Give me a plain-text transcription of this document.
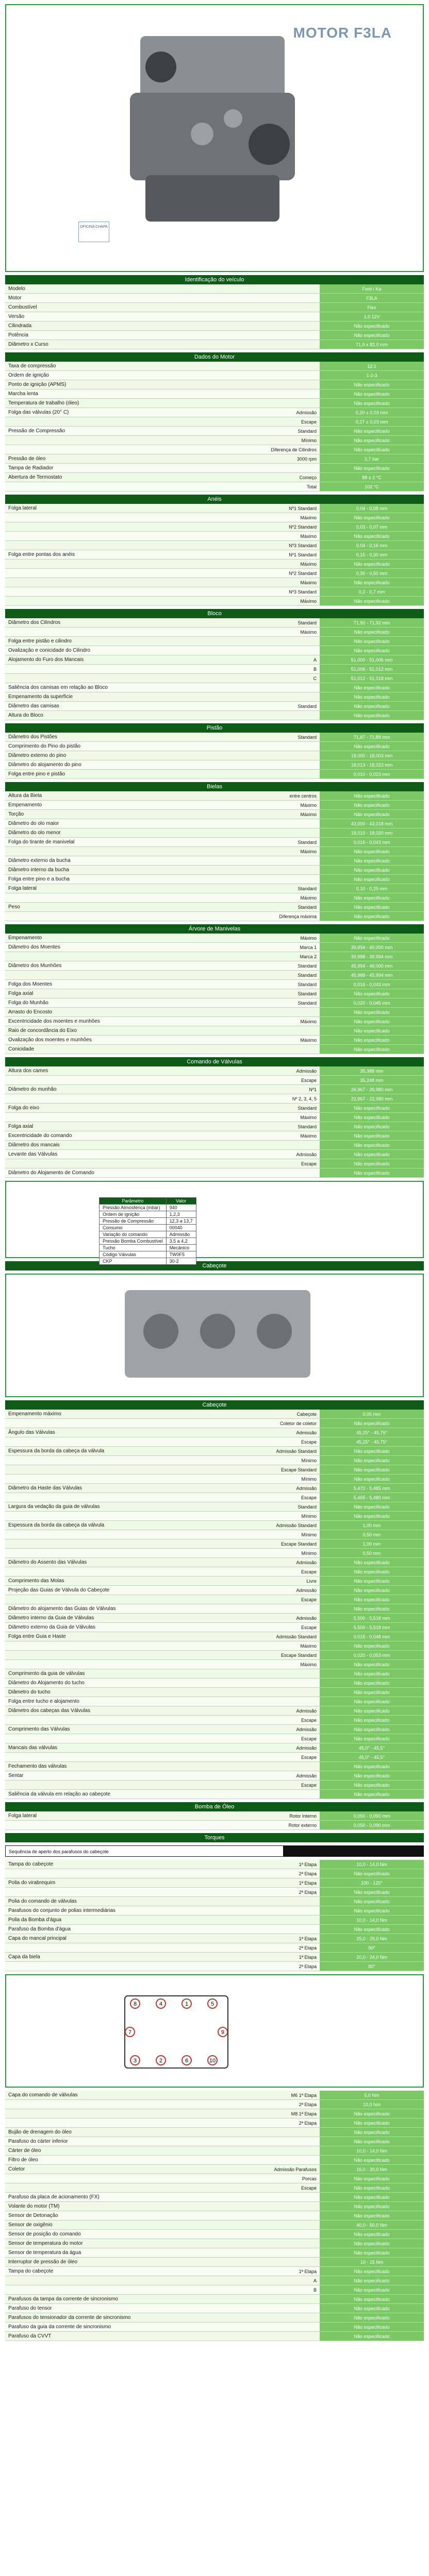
MOTOR F3LA
OFICINA CHAPA
Identificação do veículo
Modelo	Ford / Ka
Motor	F3LA
Combustível	Flex
Versão	1.0 12V
Cilindrada	Não especificado
Potência	Não especificado
Diâmetro x Curso	71,9 x 82,0 mm
Dados do Motor
Taxa de compressão	12:1
Ordem de ignição	1-2-3
Ponto de ignição (APMS)	Não especificado
Marcha lenta	Não especificado
Temperatura de trabalho (óleo)	Não especificado
Folga das válvulas (20° C)	Admissão	0,20 ± 0,03 mm
Escape	0,27 ± 0,03 mm
Pressão de Compressão	Standard	Não especificado
Mínimo	Não especificado
Diferença de Cilindros	Não especificado
Pressão de óleo	3000 rpm	2,7 bar
Tampa de Radiador	Não especificado
Abertura de Termostato	Começo	88 ± 2 °C
Total	102 °C
Anéis
Folga lateral	Nº1 Standard	0,04 - 0,08 mm
Máximo	Não especificado
Nº2 Standard	0,03 - 0,07 mm
Máximo	Não especificado
Nº3 Standard	0,04 - 0,16 mm
Folga entre pontas dos anéis	Nº1 Standard	0,15 - 0,30 mm
Máximo	Não especificado
Nº2 Standard	0,30 - 0,50 mm
Máximo	Não especificado
Nº3 Standard	0,2 - 0,7 mm
Máximo	Não especificado
Bloco
Diâmetro dos Cilindros	Standard	71,90 - 71,92 mm
Máximo	Não especificado
Folga entre pistão e cilindro	Não especificado
Ovalização e conicidade do Cilindro	Não especificado
Alojamento do Furo dos Mancais	A	51,000 - 51,006 mm
B	51,006 - 51,012 mm
C	51,012 - 51,018 mm
Saliência dos camisas em relação ao Bloco	Não especificado
Empenamento da superfície	Não especificado
Diâmetro das camisas	Standard	Não especificado
Altura do Bloco	Não especificado
Pistão
Diâmetro dos Pistões	Standard	71,87 - 71,89 mm
Comprimento do Pino do pistão	Não especificado
Diâmetro externo do pino	18,000 - 18,003 mm
Diâmetro do alojamento do pino	18,013 - 18,023 mm
Folga entre pino e pistão	0,010 - 0,023 mm
Bielas
Altura da Biela	entre centros	Não especificado
Empenamento	Máximo	Não especificado
Torção	Máximo	Não especificado
Diâmetro do olo maior	43,000 - 43,018 mm
Diâmetro do olo menor	18,010 - 18,020 mm
Folga do tirante de manivelal	Standard	0,016 - 0,043 mm
Máximo	Não especificado
Diâmetro externo da bucha	Não especificado
Diâmetro interno da bucha	Não especificado
Folga entre pino e a bucha	Não especificado
Folga lateral	Standard	0,10 - 0,25 mm
Máximo	Não especificado
Peso	Standard	Não especificado
Diferença máxima	Não especificado
Árvore de Manivelas
Empenamento	Máximo	Não especificado
Diâmetro dos Moentes	Marca 1	39,994 - 40,000 mm
Marca 2	39,988 - 39,994 mm
Diâmetro dos Munhões	Standard	45,994 - 46,000 mm
Standard	45,988 - 45,994 mm
Folga dos Moentes	Standard	0,016 - 0,043 mm
Folga axial	Standard	Não especificado
Folga do Munhão	Standard	0,020 - 0,045 mm
Arrasto do Encosto	Não especificado
Excentricidade dos moentes e munhões	Máximo	Não especificado
Raio de concordância do Eixo	Não especificado
Ovalização dos moentes e munhões	Máximo	Não especificado
Conicidade	Não especificado
Comando de Válvulas
Altura dos cames	Admissão	35,388 mm
Escape	35,248 mm
Diâmetro do munhão	Nº1	26,967 - 26,980 mm
Nº 2, 3, 4, 5	22,967 - 22,980 mm
Folga do eixo	Standard	Não especificado
Máximo	Não especificado
Folga axial	Standard	Não especificado
Excentricidade do comando	Máximo	Não especificado
Diâmetro dos mancais	Não especificado
Levante das Válvulas	Admissão	Não especificado
Escape	Não especificado
Diâmetro do Alojamento de Comando	Não especificado
Parâmetro	Valor
Pressão Atmosférica (mbar)	940
Ordem de ignição	1,2,3
Pressão de Compressão	12,3 a 13,7
Consumo	00040
Variação do comando	Admissão
Pressão Bomba Combustível	3,5 a 4,2
Tucho	Mecânico
Código Válvulas	TW0F5
CKP	30-2
Cabeçote
Cabeçote
Empenamento máximo	Cabeçote	0,05 mm
Coletor de coletor	Não especificado
Ângulo das Válvulas	Admissão	45,25° - 45,75°
Escape	45,25° - 45,75°
Espessura da borda da cabeça da válvula	Admissão Standard	Não especificado
Mínimo	Não especificado
Escape Standard	Não especificado
Mínimo	Não especificado
Diâmetro da Haste das Válvulas	Admissão	5,470 - 5,485 mm
Escape	5,465 - 5,480 mm
Largura da vedação da guia de válvulas	Standard	Não especificado
Mínimo	Não especificado
Espessura da borda da cabeça da válvula	Admissão Standard	1,00 mm
Mínimo	0,50 mm
Escape Standard	1,00 mm
Mínimo	0,50 mm
Diâmetro do Assento das Válvulas	Admissão	Não especificado
Escape	Não especificado
Comprimento das Molas	Livre	Não especificado
Projeção das Guias de Válvula do Cabeçote	Admissão	Não especificado
Escape	Não especificado
Diâmetro do alojamento das Guias de Válvulas	Não especificado
Diâmetro interno da Guia de Válvulas	Admissão	5,500 - 5,518 mm
Diâmetro externo da Guia de Válvulas	Escape	5,500 - 5,518 mm
Folga entre Guia e Haste	Admissão Standard	0,015 - 0,048 mm
Máximo	Não especificado
Escape Standard	0,020 - 0,053 mm
Máximo	Não especificado
Comprimento da guia de válvulas	Não especificado
Diâmetro do Alojamento do tucho	Não especificado
Diâmetro do tucho	Não especificado
Folga entre tucho e alojamento	Não especificado
Diâmetro dos cabeças das Válvulas	Admissão	Não especificado
Escape	Não especificado
Comprimento das Válvulas	Admissão	Não especificado
Escape	Não especificado
Mancais das válvulas	Admissão	45,0° - 45,5°
Escape	45,0° - 45,5°
Fechamento das válvulas	Não especificado
Sentar	Admissão	Não especificado
Escape	Não especificado
Saliência da válvula em relação ao cabeçote	Não especificado
Bomba de Óleo
Folga lateral	Rotor Interno	0,050 - 0,090 mm
Rotor externo	0,050 - 0,090 mm
Torques
Sequência de aperto dos parafusos do cabeçote
Tampa do cabeçote	1ª Etapa	10,0 - 14,0 Nm
2ª Etapa	Não especificado
Polia do virabrequim	1ª Etapa	100 - 120°
2ª Etapa	Não especificado
Polia do comando de válvulas	Não especificado
Parafusos do conjunto de polias intermediárias	Não especificado
Polia da Bomba d'água	10,0 - 14,0 Nm
Parafuso da Bomba d'água	Não especificado
Capa do mancal principal	1ª Etapa	25,0 - 29,0 Nm
2ª Etapa	90°
Capa da biela	1ª Etapa	20,0 - 24,0 Nm
2ª Etapa	90°
8	4	1	5
9
10
6
2
3
7
Capa do comando de válvulas	M6 1ª Etapa	5,0 Nm
2ª Etapa	10,0 Nm
M8 1ª Etapa	Não especificado
2ª Etapa	Não especificado
Bujão de drenagem do óleo	Não especificado
Parafuso do cárter inferior	Não especificado
Cárter de óleo	10,0 - 14,0 Nm
Filtro de óleo	Não especificado
Coletor	Admissão Parafusos	16,0 - 20,0 Nm
Porcas	Não especificado
Escape	Não especificado
Parafuso da placa de acionamento (FX)	Não especificado
Volante do motor (TM)	Não especificado
Sensor de Detonação	Não especificado
Sensor de oxigênio	40,0 - 50,0 Nm
Sensor de posição do comando	Não especificado
Sensor de temperatura do motor	Não especificado
Sensor de temperatura da água	Não especificado
Interruptor de pressão de óleo	10 - 15 Nm
Tampa do cabeçote	1ª Etapa	Não especificado
A	Não especificado
B	Não especificado
Parafusos da tampa da corrente de sincronismo	Não especificado
Parafuso do tensor	Não especificado
Parafusos do tensionador da corrente de sincronismo	Não especificado
Parafuso da guia da corrente de sincronismo	Não especificado
Parafuso da CVVT	Não especificado
